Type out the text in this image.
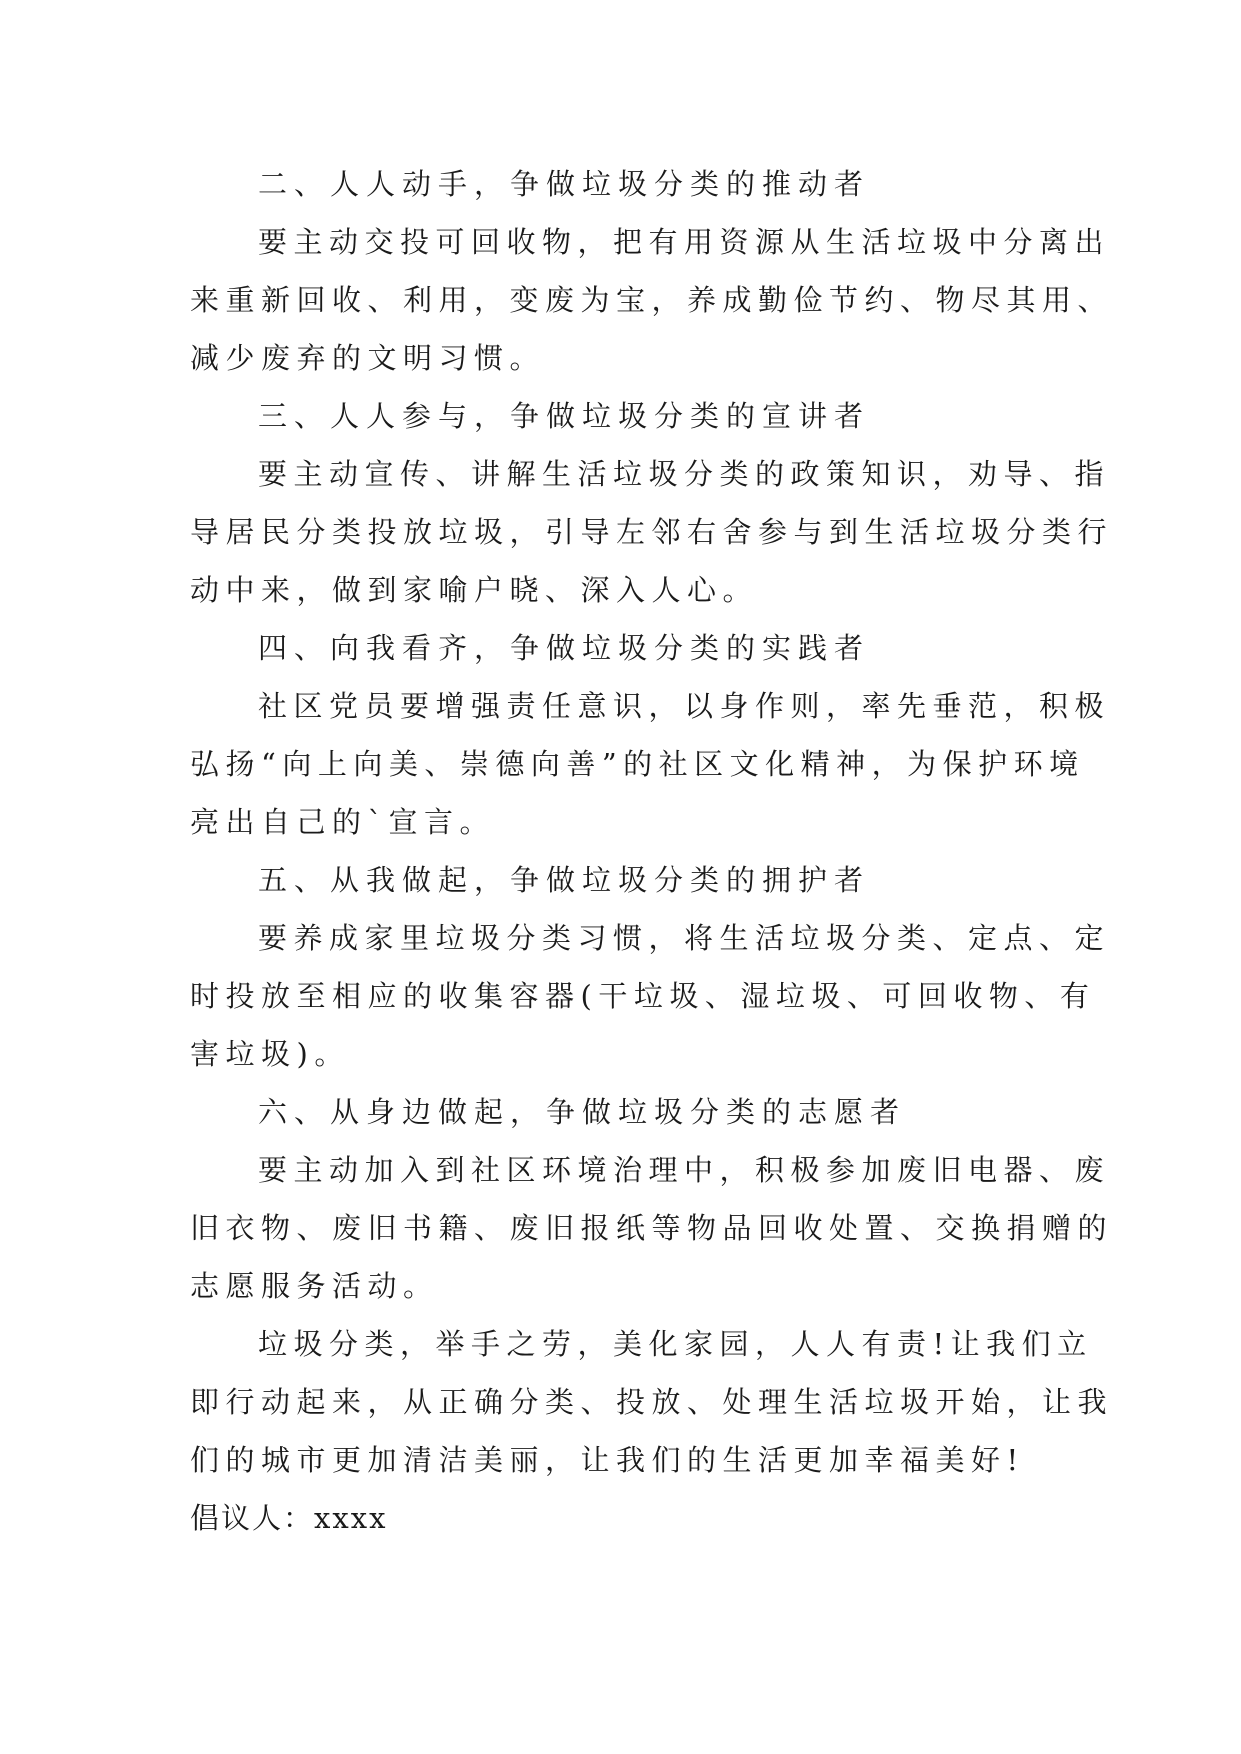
二、人人动手，争做垃圾分类的推动者
要主动交投可回收物，把有用资源从生活垃圾中分离出
来重新回收、利用，变废为宝，养成勤俭节约、物尽其用、
减少废弃的文明习惯。
三、人人参与，争做垃圾分类的宣讲者
要主动宣传、讲解生活垃圾分类的政策知识，劝导、指
导居民分类投放垃圾，引导左邻右舍参与到生活垃圾分类行
动中来，做到家喻户晓、深入人心。
四、向我看齐，争做垃圾分类的实践者
社区党员要增强责任意识，以身作则，率先垂范，积极
弘扬“向上向美、崇德向善”的社区文化精神，为保护环境
亮出自己的`宣言。
五、从我做起，争做垃圾分类的拥护者
要养成家里垃圾分类习惯，将生活垃圾分类、定点、定
时投放至相应的收集容器(干垃圾、湿垃圾、可回收物、有
害垃圾)。
六、从身边做起，争做垃圾分类的志愿者
要主动加入到社区环境治理中，积极参加废旧电器、废
旧衣物、废旧书籍、废旧报纸等物品回收处置、交换捐赠的
志愿服务活动。
垃圾分类，举手之劳，美化家园，人人有责!让我们立
即行动起来，从正确分类、投放、处理生活垃圾开始，让我
们的城市更加清洁美丽，让我们的生活更加幸福美好!
倡议人：xxxx
